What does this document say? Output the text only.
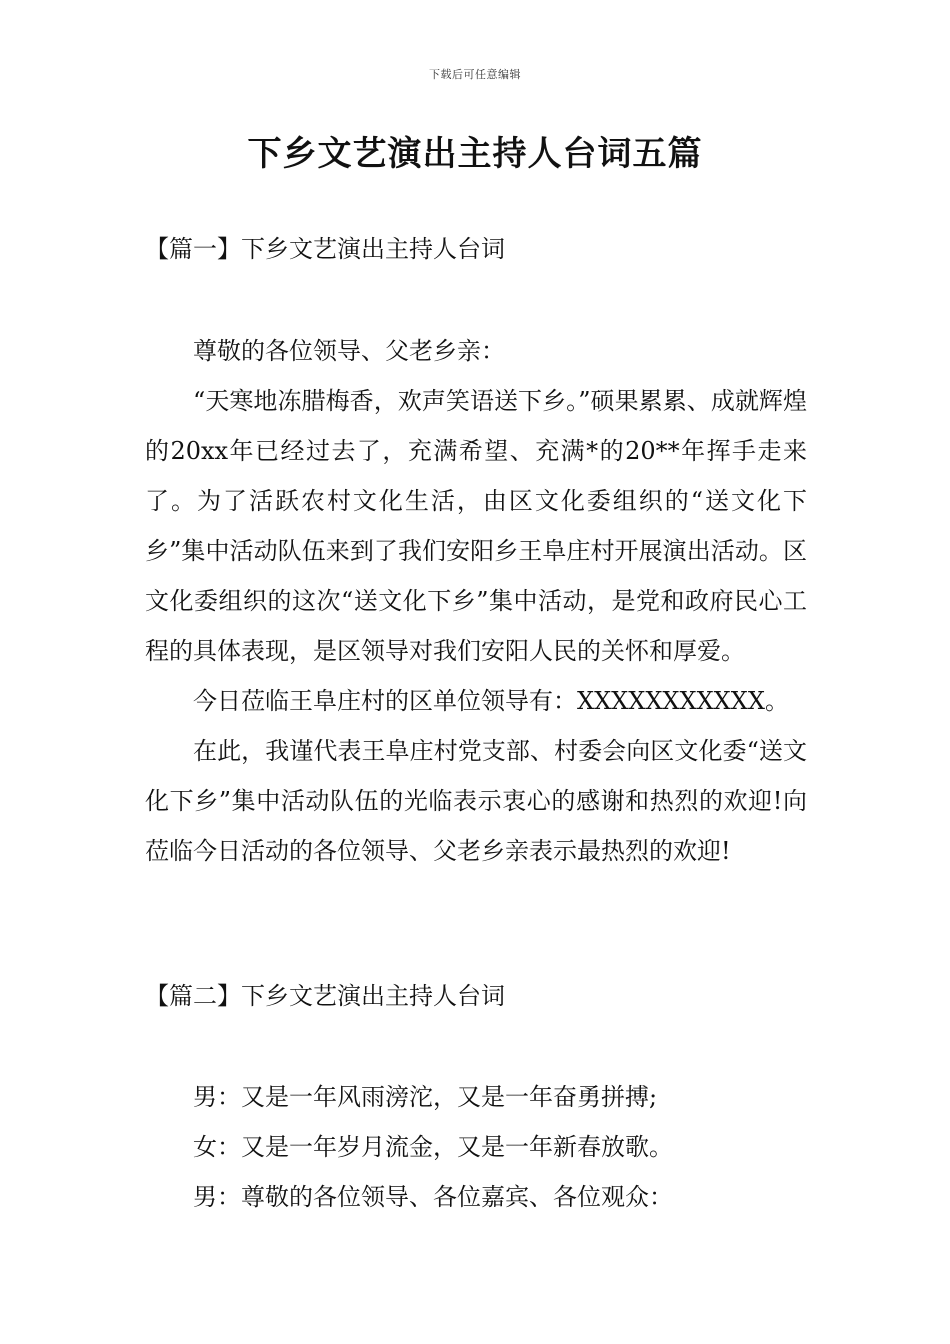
下载后可任意编辑
下乡文艺演出主持人台词五篇
【篇一】下乡文艺演出主持人台词

尊敬的各位领导、父老乡亲：

“天寒地冻腊梅香，欢声笑语送下乡。”硕果累累、成就辉煌的20xx年已经过去了，充满希望、充满*的20**年挥手走来了。为了活跃农村文化生活，由区文化委组织的“送文化下乡”集中活动队伍来到了我们安阳乡王阜庄村开展演出活动。区文化委组织的这次“送文化下乡”集中活动，是党和政府民心工程的具体表现，是区领导对我们安阳人民的关怀和厚爱。

今日莅临王阜庄村的区单位领导有：XXXXXXXXXXX。

在此，我谨代表王阜庄村党支部、村委会向区文化委“送文化下乡”集中活动队伍的光临表示衷心的感谢和热烈的欢迎!向莅临今日活动的各位领导、父老乡亲表示最热烈的欢迎!

【篇二】下乡文艺演出主持人台词

男：又是一年风雨滂沱，又是一年奋勇拼搏;

女：又是一年岁月流金，又是一年新春放歌。

男：尊敬的各位领导、各位嘉宾、各位观众：
